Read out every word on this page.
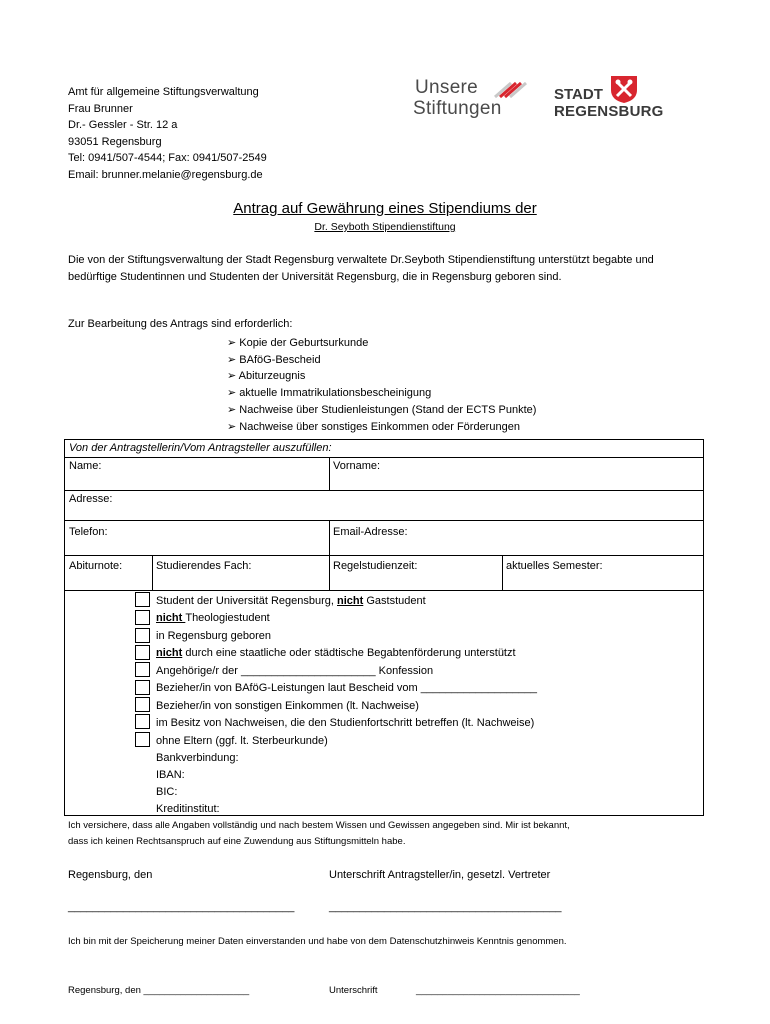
Amt für allgemeine Stiftungsverwaltung
Frau Brunner
Dr.- Gessler - Str. 12 a
93051 Regensburg
Tel: 0941/507-4544; Fax: 0941/507-2549
Email: brunner.melanie@regensburg.de
Unsere
Stiftungen
STADT
REGENSBURG
Antrag auf Gewährung eines Stipendiums der
Dr. Seyboth Stipendienstiftung
Die von der Stiftungsverwaltung der Stadt Regensburg verwaltete Dr.Seyboth Stipendienstiftung unterstützt begabte und bedürftige Studentinnen und Studenten der Universität Regensburg, die in Regensburg geboren sind.
Zur Bearbeitung des Antrags sind erforderlich:
➢ Kopie der Geburtsurkunde
➢ BAföG-Bescheid
➢ Abiturzeugnis
➢ aktuelle Immatrikulationsbescheinigung
➢ Nachweise über Studienleistungen (Stand der ECTS Punkte)
➢ Nachweise über sonstiges Einkommen oder Förderungen
Von der Antragstellerin/Vom Antragsteller auszufüllen:
Name:	Vorname:
Adresse:
Telefon:	Email-Adresse:
Abiturnote:	Studierendes Fach:	Regelstudienzeit:	aktuelles Semester:
Student der Universität Regensburg, nicht Gaststudent
nicht Theologiestudent
in Regensburg geboren
nicht durch eine staatliche oder städtische Begabtenförderung unterstützt
Angehörige/r der ______________________ Konfession
Bezieher/in von BAföG-Leistungen laut Bescheid vom ___________________
Bezieher/in von sonstigen Einkommen (lt. Nachweise)
im Besitz von Nachweisen, die den Studienfortschritt betreffen (lt. Nachweise)
ohne Eltern (ggf. lt. Sterbeurkunde)
Bankverbindung:
IBAN:
BIC:
Kreditinstitut:
Ich versichere, dass alle Angaben vollständig und nach bestem Wissen und Gewissen angegeben sind. Mir ist bekannt,
dass ich keinen Rechtsanspruch auf eine Zuwendung aus Stiftungsmitteln habe.
Regensburg, den	Unterschrift Antragsteller/in, gesetzl. Vertreter
_____________________________________	______________________________________
Ich bin mit der Speicherung meiner Daten einverstanden und habe von dem Datenschutzhinweis Kenntnis genommen.
Regensburg, den ____________________	Unterschrift	_______________________________
